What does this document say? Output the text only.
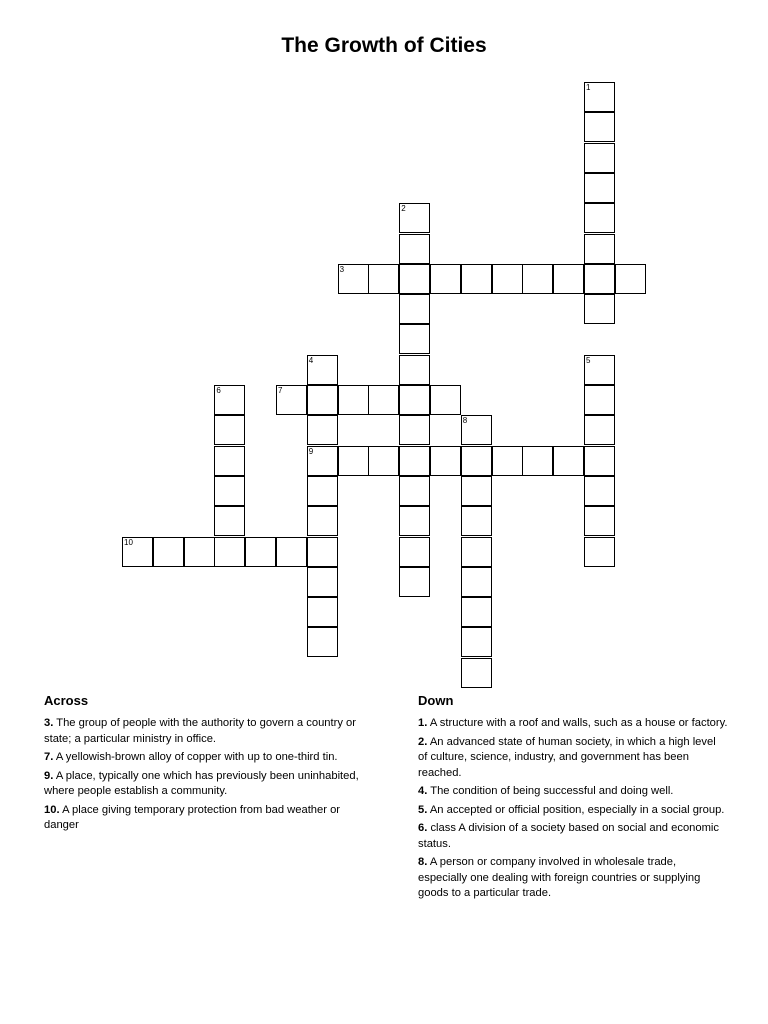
The Growth of Cities
1
2
3
4
9
5
6	7
8
10
Across
3. The group of people with the authority to govern a country or state; a particular ministry in office.
7. A yellowish-brown alloy of copper with up to one-third tin.
9. A place, typically one which has previously been uninhabited, where people establish a community.
10. A place giving temporary protection from bad weather or danger
Down
1. A structure with a roof and walls, such as a house or factory.
2. An advanced state of human society, in which a high level of culture, science, industry, and government has been reached.
4. The condition of being successful and doing well.
5. An accepted or official position, especially in a social group.
6. class A division of a society based on social and economic status.
8. A person or company involved in wholesale trade, especially one dealing with foreign countries or supplying goods to a particular trade.
